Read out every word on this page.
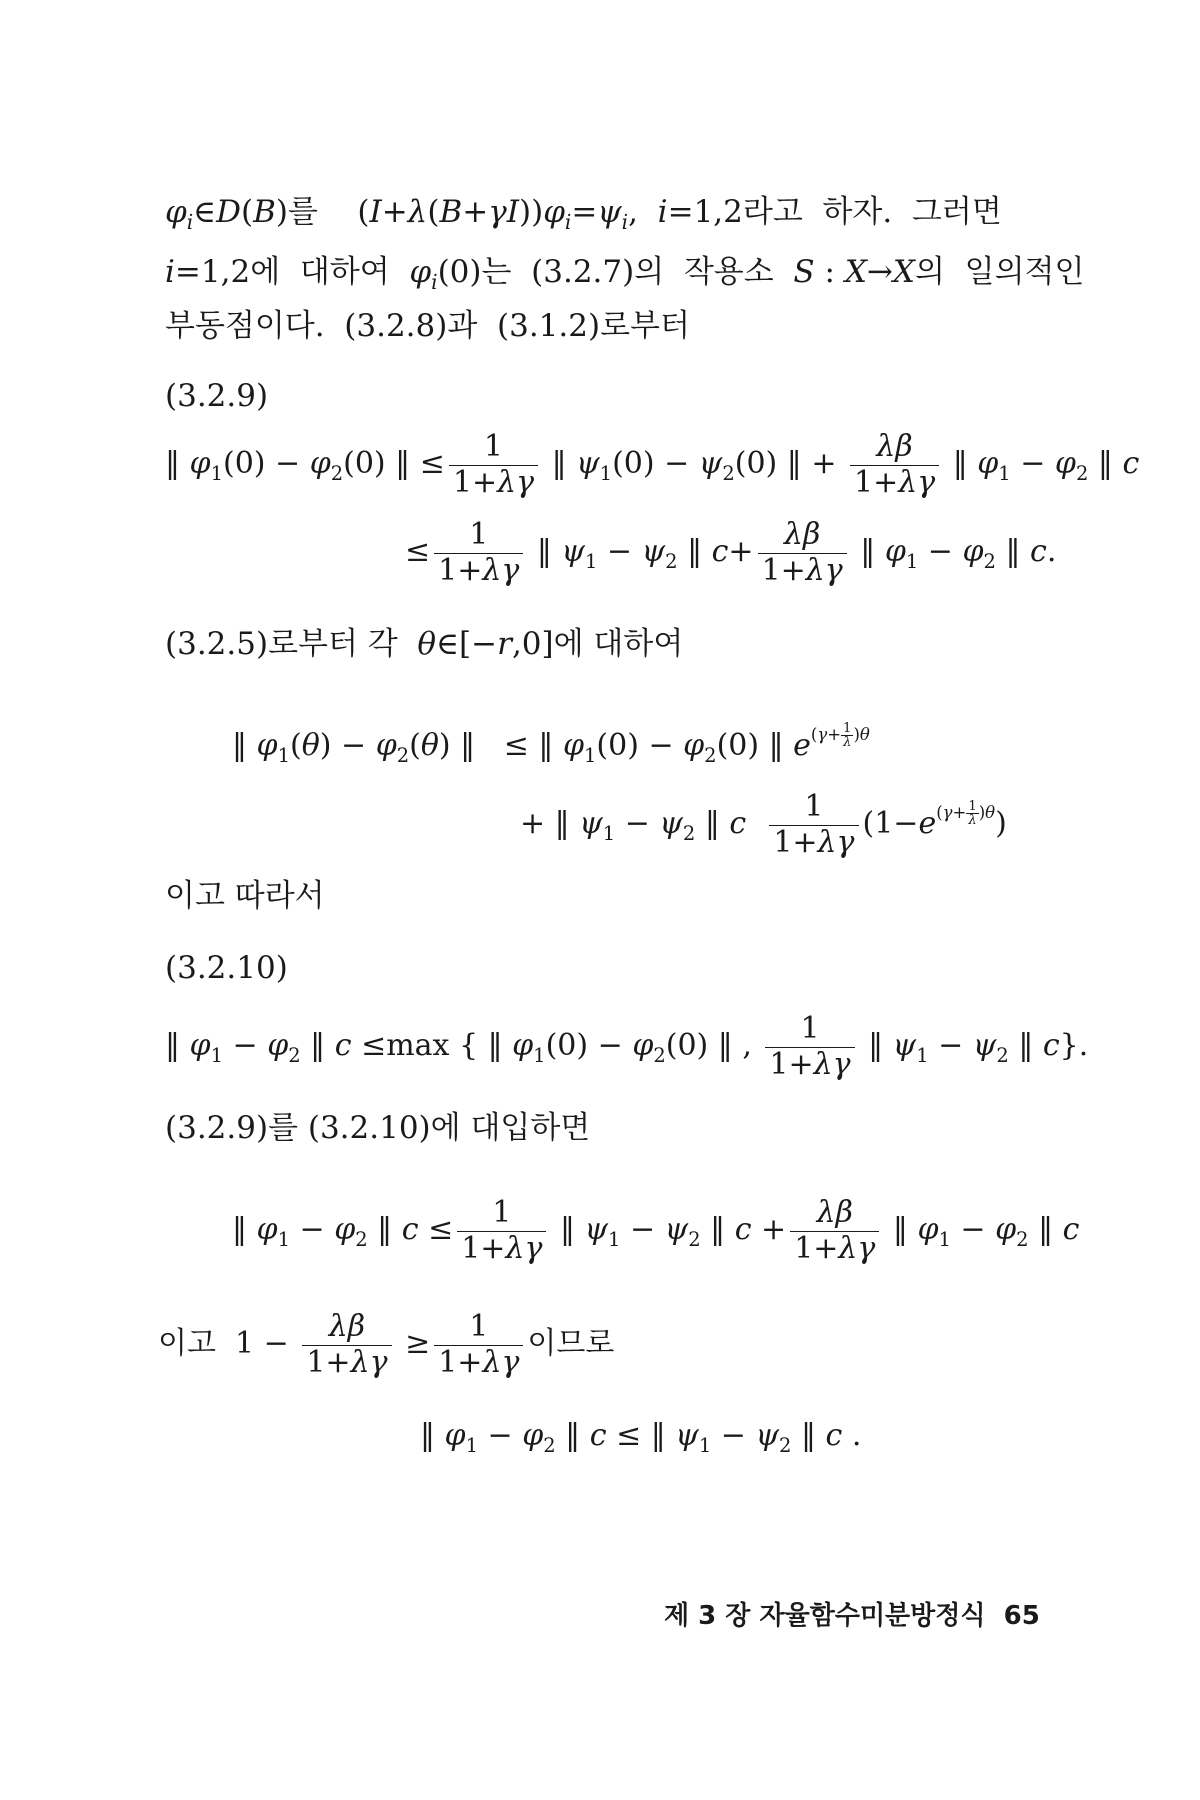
$\varphi_i\in D(B)$를    $(I+\lambda(B+\gamma I))\varphi_i=\psi_i$,  i=1,2라고  하자.  그러면
i=1,2에  대하여  $\varphi_i(0)$는  (3.2.7)의  작용소  S : X→X의  일의적인
부동점이다.  (3.2.8)과  (3.1.2)로부터
(3.2.9)
‖ $\varphi_1(0) - \varphi_2(0)$ ‖ ≤ $\frac{1}{1+\lambda\gamma}$ ‖ $\psi_1(0) - \psi_2(0)$ ‖ + $\frac{\lambda\beta}{1+\lambda\gamma}$ ‖ $\varphi_1 - \varphi_2$ ‖ c
≤ $\frac{1}{1+\lambda\gamma}$ ‖ $\psi_1 - \psi_2$ ‖ $c+ \frac{\lambda\beta}{1+\lambda\gamma}$ ‖ $\varphi_1 - \varphi_2$ ‖ c.
(3.2.5)로부터 각  θ∈[−r,0]에 대하여
‖ $\varphi_1(\theta) - \varphi_2(\theta)$ ‖   ≤ ‖ $\varphi_1(0) - \varphi_2(0)$ ‖ $e^{(\gamma+ \frac{1}{\lambda} )\theta}$
+ ‖ $\psi_1 - \psi_2$ ‖ c $\frac{1}{1+\lambda\gamma} (1-e^{(\gamma+ \frac{1}{\lambda} )\theta})$
이고 따라서
(3.2.10)
‖ $\varphi_1 - \varphi_2$ ‖ c ≤max { ‖ $\varphi_1(0) - \varphi_2(0)$ ‖ , $\frac{1}{1+\lambda\gamma}$ ‖ $\psi_1 - \psi_2$ ‖ c}.
(3.2.9)를 (3.2.10)에 대입하면
‖ $\varphi_1 - \varphi_2$ ‖ $c \le \frac{1}{1+\lambda\gamma}$ ‖ $\psi_1 - \psi_2$ ‖ $c + \frac{\lambda\beta}{1+\lambda\gamma}$ ‖ $\varphi_1 - \varphi_2$ ‖ c
이고  $1 - \frac{\lambda\beta}{1+\lambda\gamma} \ge \frac{1}{1+\lambda\gamma}$ 이므로
‖ $\varphi_1 - \varphi_2$ ‖ c ≤ ‖ $\psi_1 - \psi_2$ ‖ c .
제 3 장 자율함수미분방정식 65
